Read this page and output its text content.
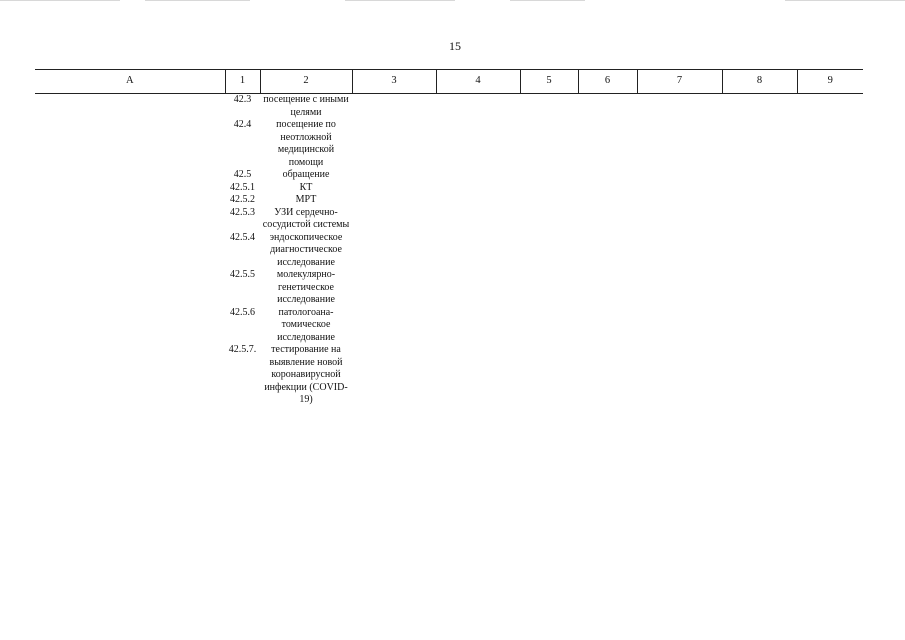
15
А	1	2	3	4	5	6	7	8	9
	42.3	посещение с иными целями							
	42.4	посещение по неотложной медицинской помощи							
	42.5	обращение							
	42.5.1	КТ							
	42.5.2	МРТ							
	42.5.3	УЗИ сердечно-сосудистой системы							
	42.5.4	эндоскопическое диагностическое исследование							
	42.5.5	молекулярно-генетическое исследование							
	42.5.6	патологоана-томическое исследование							
	42.5.7.	тестирование на выявление новой коронавирусной инфекции (COVID-19)							
